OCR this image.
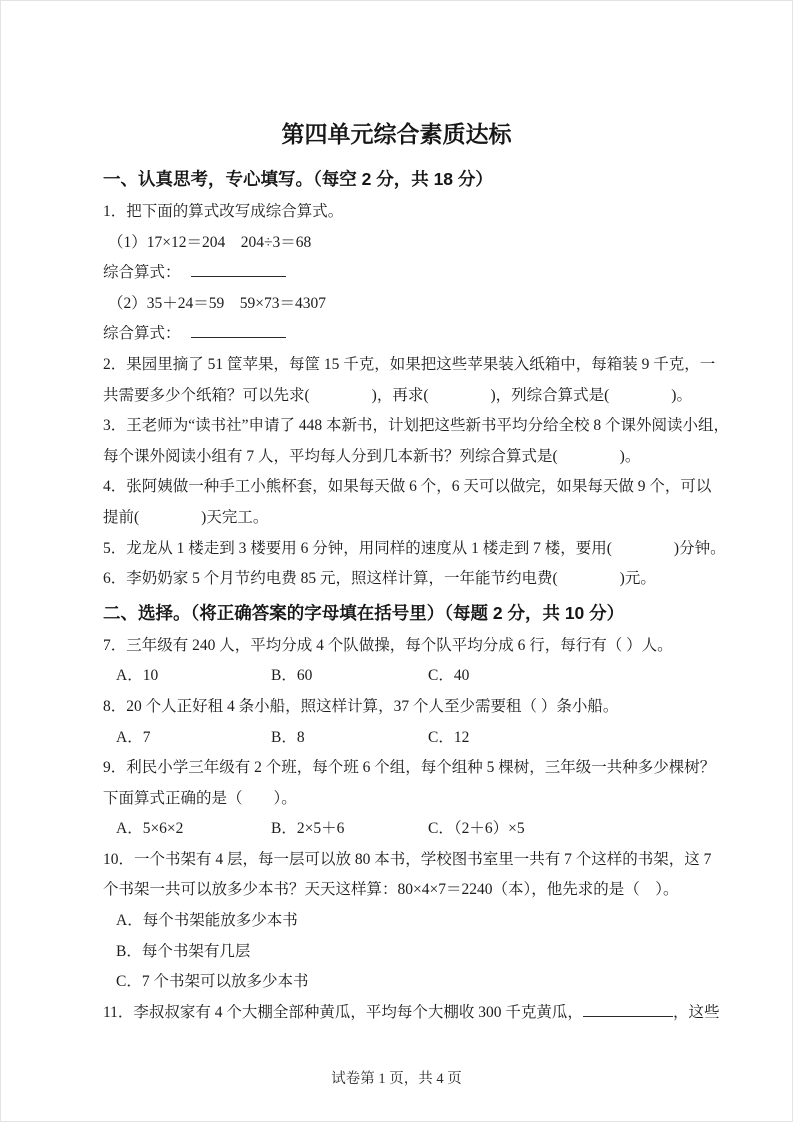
第四单元综合素质达标
一、认真思考，专心填写。（每空 2 分，共 18 分）
1．把下面的算式改写成综合算式。
（1）17×12＝204　204÷3＝68
综合算式：
（2）35＋24＝59　59×73＝4307
综合算式：
2．果园里摘了 51 筐苹果，每筐 15 千克，如果把这些苹果装入纸箱中，每箱装 9 千克，一
共需要多少个纸箱？可以先求(　　　　)，再求(　　　　)，列综合算式是(　　　　)。
3．王老师为“读书社”申请了 448 本新书，计划把这些新书平均分给全校 8 个课外阅读小组，
每个课外阅读小组有 7 人，平均每人分到几本新书？列综合算式是(　　　　)。
4．张阿姨做一种手工小熊杯套，如果每天做 6 个，6 天可以做完，如果每天做 9 个，可以
提前(　　　　)天完工。
5．龙龙从 1 楼走到 3 楼要用 6 分钟，用同样的速度从 1 楼走到 7 楼，要用(　　　　)分钟。
6．李奶奶家 5 个月节约电费 85 元，照这样计算，一年能节约电费(　　　　)元。
二、选择。（将正确答案的字母填在括号里）（每题 2 分，共 10 分）
7．三年级有 240 人，平均分成 4 个队做操，每个队平均分成 6 行，每行有（ ）人。
A．10	B．60	C．40
8．20 个人正好租 4 条小船，照这样计算，37 个人至少需要租（ ）条小船。
A．7	B．8	C．12
9．利民小学三年级有 2 个班，每个班 6 个组，每个组种 5 棵树，三年级一共种多少棵树？
下面算式正确的是（　　）。
A．5×6×2	B．2×5＋6	C．（2＋6）×5
10．一个书架有 4 层，每一层可以放 80 本书，学校图书室里一共有 7 个这样的书架，这 7
个书架一共可以放多少本书？天天这样算：80×4×7＝2240（本），他先求的是（　）。
A．每个书架能放多少本书
B．每个书架有几层
C．7 个书架可以放多少本书
11．李叔叔家有 4 个大棚全部种黄瓜，平均每个大棚收 300 千克黄瓜，	，这些
试卷第 1 页，共 4 页
